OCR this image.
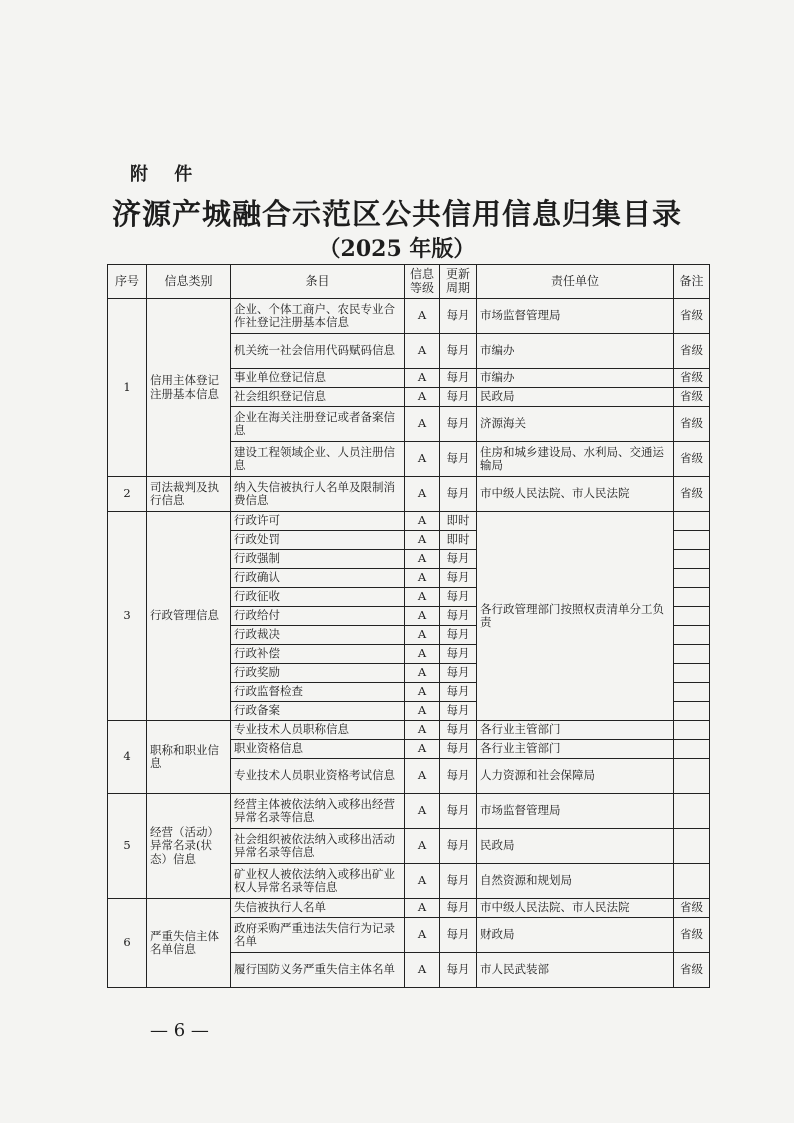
附 件
济源产城融合示范区公共信用信息归集目录
（2025 年版）
序号	信息类别	条目	信息等级	更新周期	责任单位	备注
1	信用主体登记注册基本信息	企业、个体工商户、农民专业合作社登记注册基本信息	A	每月	市场监督管理局	省级
		机关统一社会信用代码赋码信息	A	每月	市编办	省级
		事业单位登记信息	A	每月	市编办	省级
		社会组织登记信息	A	每月	民政局	省级
		企业在海关注册登记或者备案信息	A	每月	济源海关	省级
		建设工程领域企业、人员注册信息	A	每月	住房和城乡建设局、水利局、交通运输局	省级
2	司法裁判及执行信息	纳入失信被执行人名单及限制消费信息	A	每月	市中级人民法院、市人民法院	省级
3	行政管理信息	行政许可	A	即时	各行政管理部门按照权责清单分工负责	
		行政处罚	A	即时		
		行政强制	A	每月		
		行政确认	A	每月		
		行政征收	A	每月		
		行政给付	A	每月		
		行政裁决	A	每月		
		行政补偿	A	每月		
		行政奖励	A	每月		
		行政监督检查	A	每月		
		行政备案	A	每月		
4	职称和职业信息	专业技术人员职称信息	A	每月	各行业主管部门	
		职业资格信息	A	每月	各行业主管部门	
		专业技术人员职业资格考试信息	A	每月	人力资源和社会保障局	
5	经营（活动）异常名录(状态）信息	经营主体被依法纳入或移出经营异常名录等信息	A	每月	市场监督管理局	
		社会组织被依法纳入或移出活动异常名录等信息	A	每月	民政局	
		矿业权人被依法纳入或移出矿业权人异常名录等信息	A	每月	自然资源和规划局	
6	严重失信主体名单信息	失信被执行人名单	A	每月	市中级人民法院、市人民法院	省级
		政府采购严重违法失信行为记录名单	A	每月	财政局	省级
		履行国防义务严重失信主体名单	A	每月	市人民武装部	省级
— 6 —
